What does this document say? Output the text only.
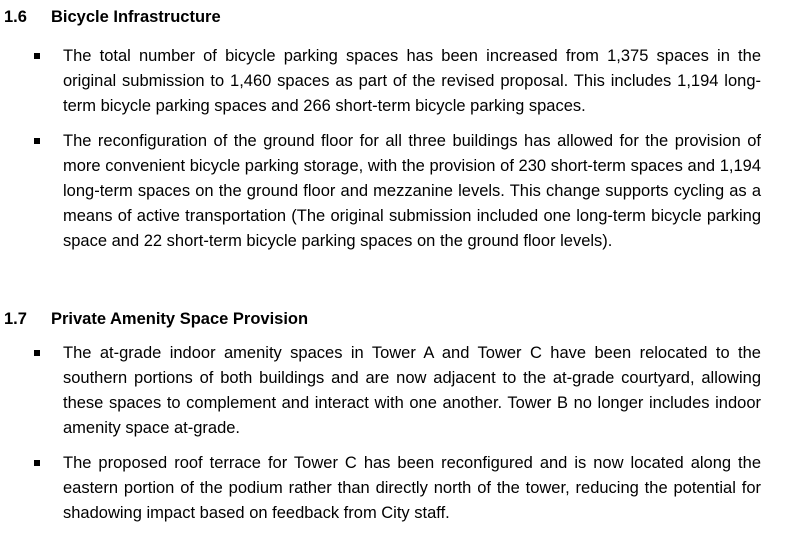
1.6 Bicycle Infrastructure
The total number of bicycle parking spaces has been increased from 1,375 spaces in the original submission to 1,460 spaces as part of the revised proposal. This includes 1,194 long-term bicycle parking spaces and 266 short-term bicycle parking spaces.
The reconfiguration of the ground floor for all three buildings has allowed for the provision of more convenient bicycle parking storage, with the provision of 230 short-term spaces and 1,194 long-term spaces on the ground floor and mezzanine levels. This change supports cycling as a means of active transportation (The original submission included one long-term bicycle parking space and 22 short-term bicycle parking spaces on the ground floor levels).
1.7 Private Amenity Space Provision
The at-grade indoor amenity spaces in Tower A and Tower C have been relocated to the southern portions of both buildings and are now adjacent to the at-grade courtyard, allowing these spaces to complement and interact with one another. Tower B no longer includes indoor amenity space at-grade.
The proposed roof terrace for Tower C has been reconfigured and is now located along the eastern portion of the podium rather than directly north of the tower, reducing the potential for shadowing impact based on feedback from City staff.
